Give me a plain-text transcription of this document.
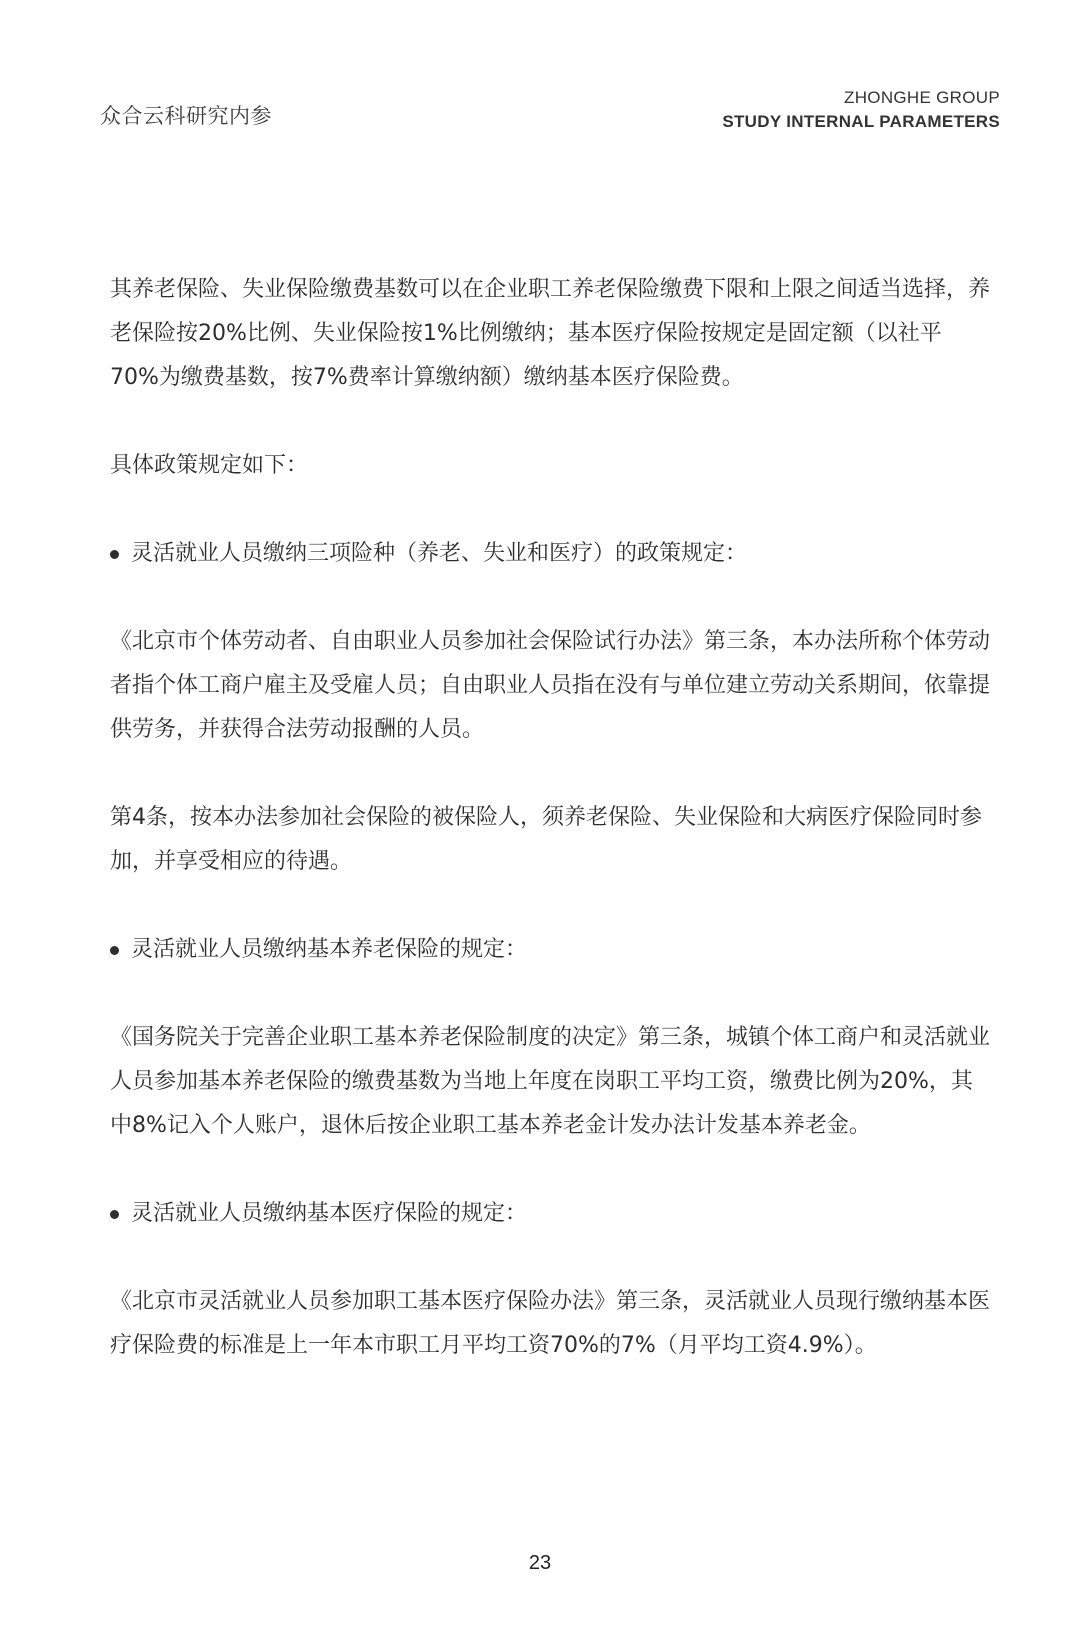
众合云科研究内参
ZHONGHE GROUP
STUDY INTERNAL PARAMETERS

其养老保险、失业保险缴费基数可以在企业职工养老保险缴费下限和上限之间适当选择，养老保险按20%比例、失业保险按1%比例缴纳；基本医疗保险按规定是固定额（以社平70%为缴费基数，按7%费率计算缴纳额）缴纳基本医疗保险费。

具体政策规定如下：

灵活就业人员缴纳三项险种（养老、失业和医疗）的政策规定：

《北京市个体劳动者、自由职业人员参加社会保险试行办法》第三条，本办法所称个体劳动者指个体工商户雇主及受雇人员；自由职业人员指在没有与单位建立劳动关系期间，依靠提供劳务，并获得合法劳动报酬的人员。

第4条，按本办法参加社会保险的被保险人，须养老保险、失业保险和大病医疗保险同时参加，并享受相应的待遇。

灵活就业人员缴纳基本养老保险的规定：

《国务院关于完善企业职工基本养老保险制度的决定》第三条，城镇个体工商户和灵活就业人员参加基本养老保险的缴费基数为当地上年度在岗职工平均工资，缴费比例为20%，其中8%记入个人账户，退休后按企业职工基本养老金计发办法计发基本养老金。

灵活就业人员缴纳基本医疗保险的规定：

《北京市灵活就业人员参加职工基本医疗保险办法》第三条，灵活就业人员现行缴纳基本医疗保险费的标准是上一年本市职工月平均工资70%的7%（月平均工资4.9%）。

23
